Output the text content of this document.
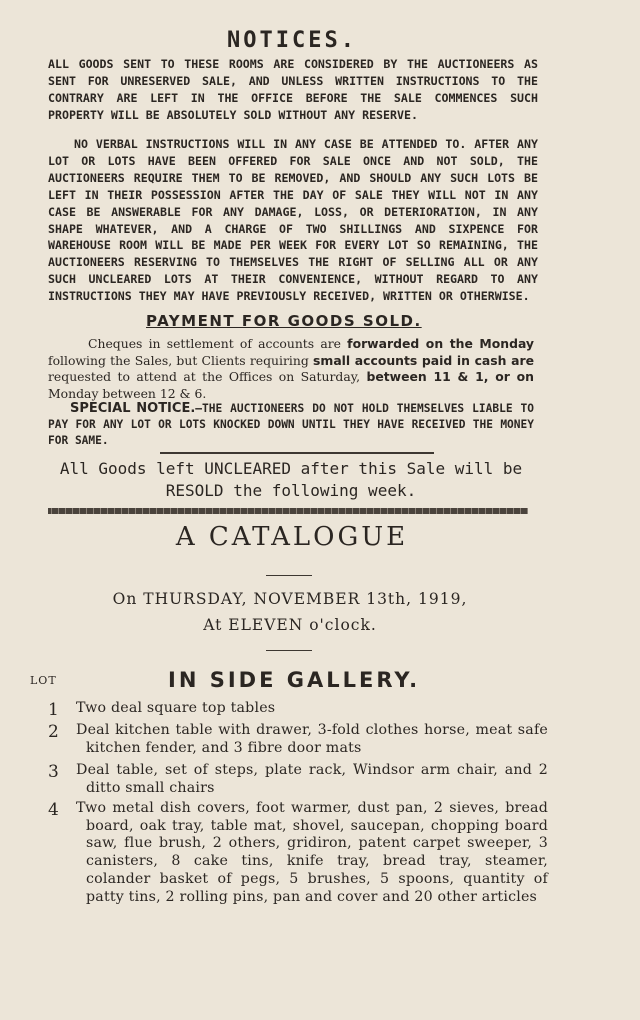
NOTICES.

ALL GOODS SENT TO THESE ROOMS ARE CONSIDERED BY THE AUCTIONEERS AS SENT FOR UNRESERVED SALE, AND UNLESS WRITTEN INSTRUCTIONS TO THE CONTRARY ARE LEFT IN THE OFFICE BEFORE THE SALE COMMENCES SUCH PROPERTY WILL BE ABSOLUTELY SOLD WITHOUT ANY RESERVE.

NO VERBAL INSTRUCTIONS WILL IN ANY CASE BE ATTENDED TO. AFTER ANY LOT OR LOTS HAVE BEEN OFFERED FOR SALE ONCE AND NOT SOLD, THE AUCTIONEERS REQUIRE THEM TO BE REMOVED, AND SHOULD ANY SUCH LOTS BE LEFT IN THEIR POSSESSION AFTER THE DAY OF SALE THEY WILL NOT IN ANY CASE BE ANSWERABLE FOR ANY DAMAGE, LOSS, OR DETERIORATION, IN ANY SHAPE WHATEVER, AND A CHARGE OF TWO SHILLINGS AND SIXPENCE FOR WAREHOUSE ROOM WILL BE MADE PER WEEK FOR EVERY LOT SO REMAINING, THE AUCTIONEERS RESERVING TO THEMSELVES THE RIGHT OF SELLING ALL OR ANY SUCH UNCLEARED LOTS AT THEIR CONVENIENCE, WITHOUT REGARD TO ANY INSTRUCTIONS THEY MAY HAVE PREVIOUSLY RECEIVED, WRITTEN OR OTHERWISE.

PAYMENT FOR GOODS SOLD.

Cheques in settlement of accounts are forwarded on the Monday following the Sales, but Clients requiring small accounts paid in cash are requested to attend at the Offices on Saturday, between 11 & 1, or on Monday between 12 & 6.

SPECIAL NOTICE.—THE AUCTIONEERS DO NOT HOLD THEMSELVES LIABLE TO PAY FOR ANY LOT OR LOTS KNOCKED DOWN UNTIL THEY HAVE RECEIVED THE MONEY FOR SAME.

All Goods left UNCLEARED after this Sale will be
RESOLD the following week.
A CATALOGUE
On THURSDAY, NOVEMBER 13th, 1919,
At ELEVEN o'clock.
LOT	IN SIDE GALLERY.
1	Two deal square top tables

2	Deal kitchen table with drawer, 3-fold clothes horse, meat safe kitchen fender, and 3 fibre door mats

3	Deal table, set of steps, plate rack, Windsor arm chair, and 2 ditto small chairs

4	Two metal dish covers, foot warmer, dust pan, 2 sieves, bread board, oak tray, table mat, shovel, saucepan, chopping board saw, flue brush, 2 others, gridiron, patent carpet sweeper, 3 canisters, 8 cake tins, knife tray, bread tray, steamer, colander basket of pegs, 5 brushes, 5 spoons, quantity of patty tins, 2 rolling pins, pan and cover and 20 other articles
